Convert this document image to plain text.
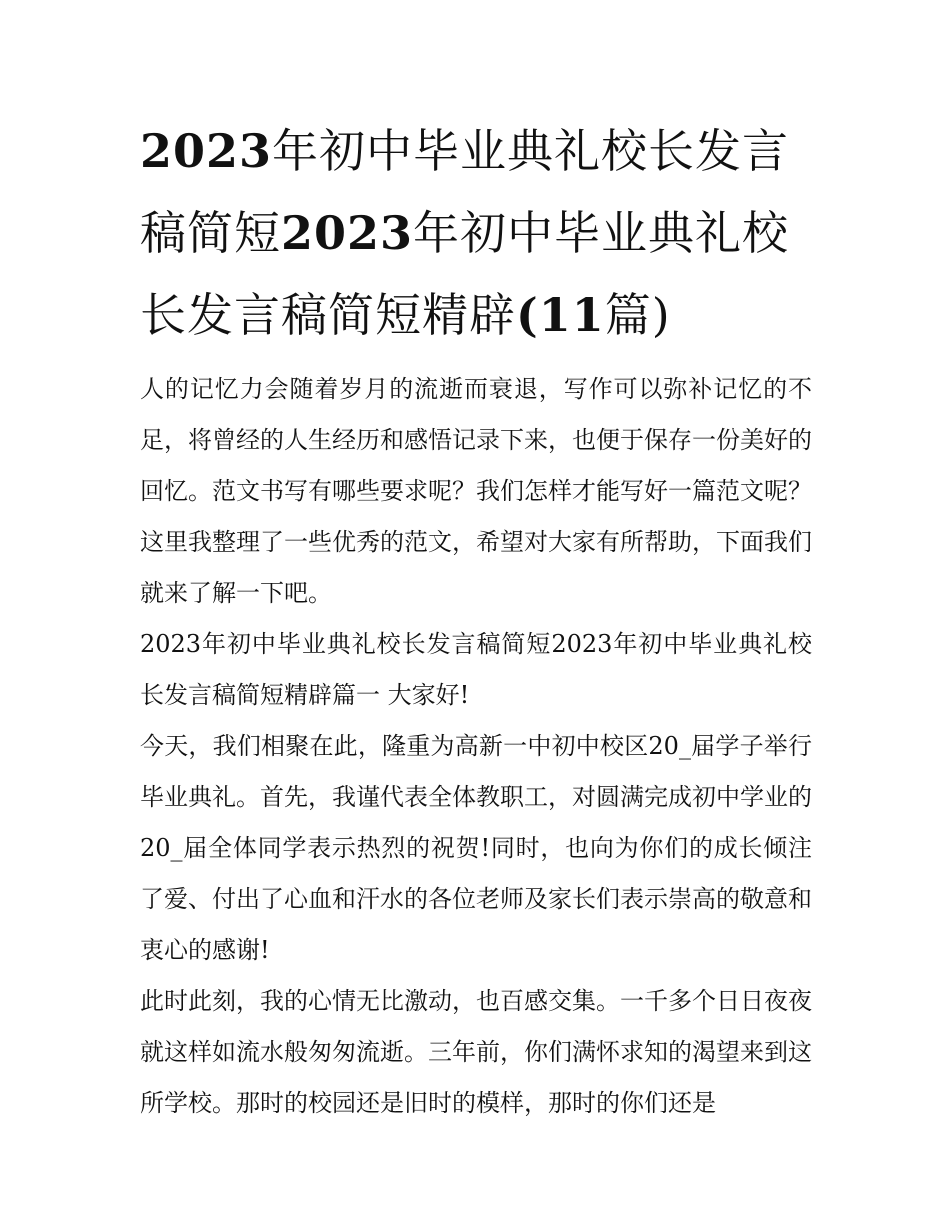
2023年初中毕业典礼校长发言稿简短2023年初中毕业典礼校长发言稿简短精辟(11篇)

人的记忆力会随着岁月的流逝而衰退，写作可以弥补记忆的不足，将曾经的人生经历和感悟记录下来，也便于保存一份美好的回忆。范文书写有哪些要求呢？我们怎样才能写好一篇范文呢？这里我整理了一些优秀的范文，希望对大家有所帮助，下面我们就来了解一下吧。

2023年初中毕业典礼校长发言稿简短2023年初中毕业典礼校长发言稿简短精辟篇一 大家好!

今天，我们相聚在此，隆重为高新一中初中校区20_届学子举行毕业典礼。首先，我谨代表全体教职工，对圆满完成初中学业的20_届全体同学表示热烈的祝贺!同时，也向为你们的成长倾注了爱、付出了心血和汗水的各位老师及家长们表示崇高的敬意和衷心的感谢!

此时此刻，我的心情无比激动，也百感交集。一千多个日日夜夜就这样如流水般匆匆流逝。三年前，你们满怀求知的渴望来到这所学校。那时的校园还是旧时的模样，那时的你们还是
